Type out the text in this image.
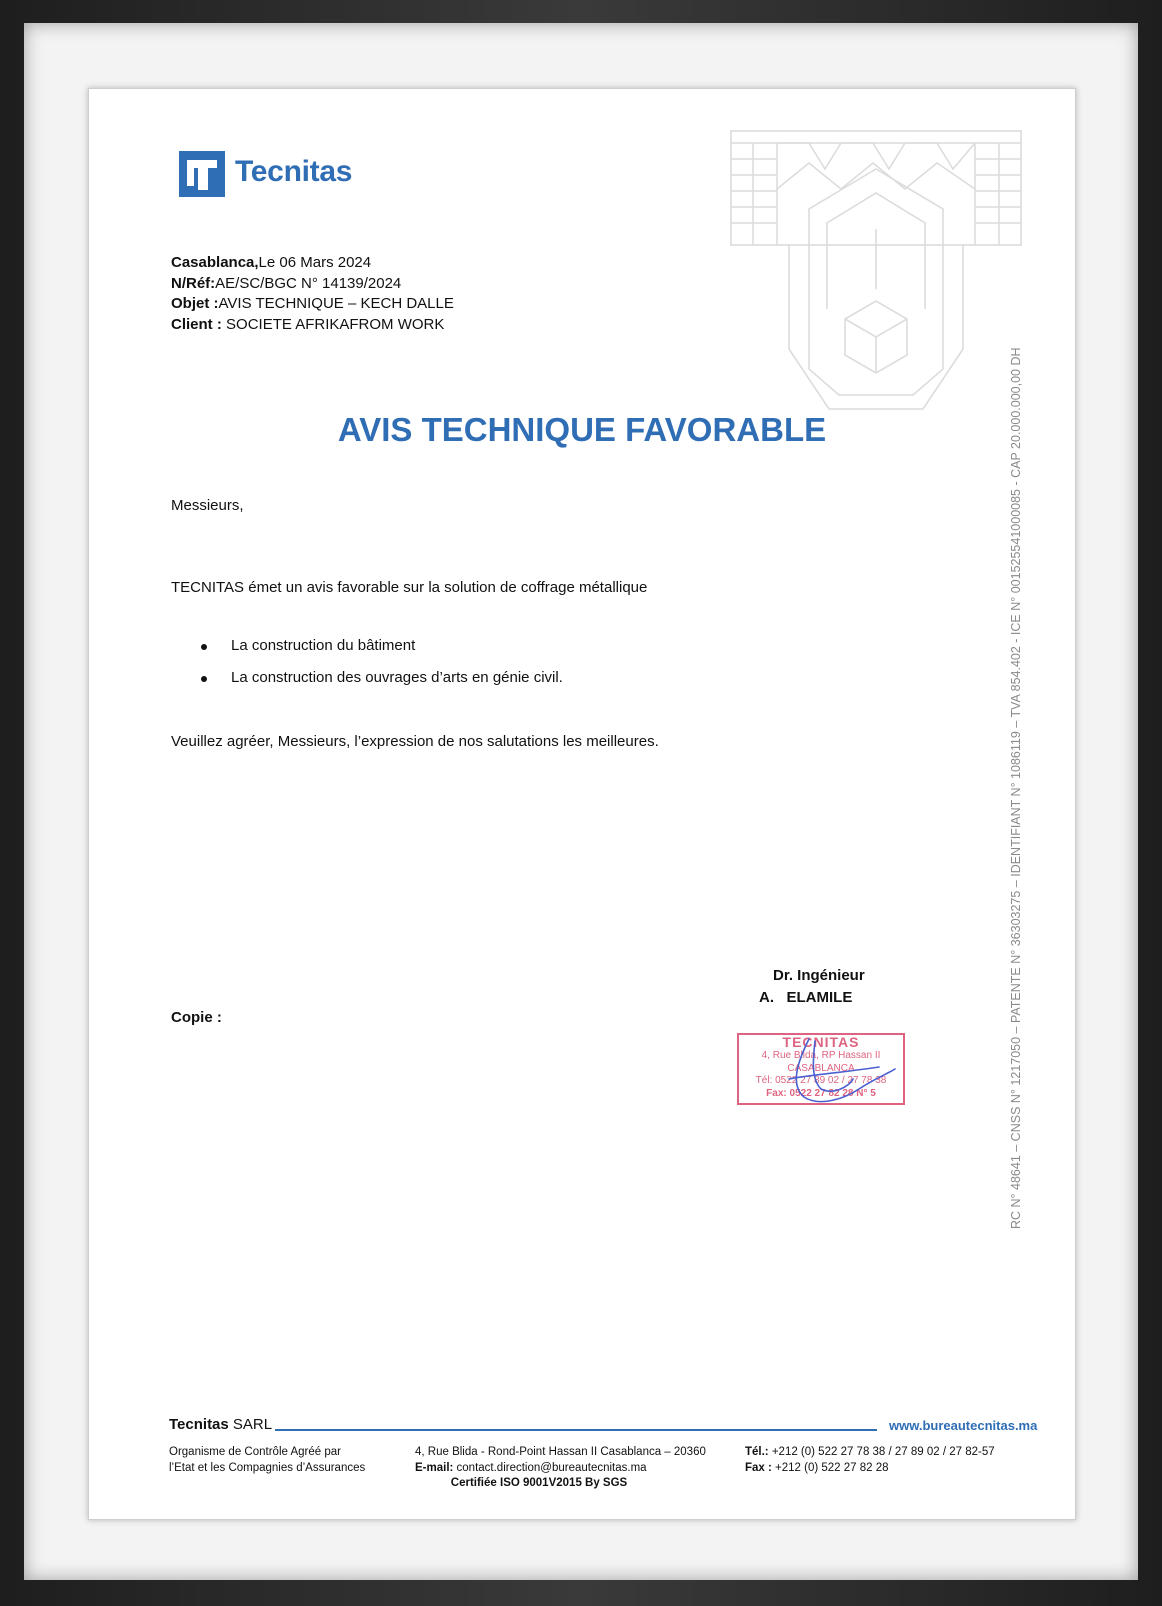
Tecnitas
Casablanca,Le 06 Mars 2024
N/Réf:AE/SC/BGC N° 14139/2024
Objet :AVIS TECHNIQUE – KECH DALLE
Client : SOCIETE AFRIKAFROM WORK
AVIS TECHNIQUE FAVORABLE
Messieurs,
TECNITAS émet un avis favorable sur la solution de coffrage métallique
La construction du bâtiment
La construction des ouvrages d’arts en génie civil.
Veuillez agréer, Messieurs, l’expression de nos salutations les meilleures.	RC N° 48641 – CNSS N° 1217050 – PATENTE N° 36303275 – IDENTIFIANT N° 1086119 – TVA 854.402 - ICE N° 001525541000085 - CAP 20.000.000,00 DH
Dr. Ingénieur
A.   ELAMILE
Copie :
TECNITAS
4, Rue Blida, RP Hassan II
CASABLANCA
Tél: 0522 27 89 02 / 27 78 38
Fax: 0522 27 82 28 N° 5
Tecnitas SARL	www.bureautecnitas.ma
Organisme de Contrôle Agréé par
l’Etat et les Compagnies d’Assurances
4, Rue Blida - Rond-Point Hassan II Casablanca – 20360
E-mail: contact.direction@bureautecnitas.ma
Certifiée ISO 9001V2015 By SGS
Tél.: +212 (0) 522 27 78 38 / 27 89 02 / 27 82-57
Fax : +212 (0) 522 27 82 28
